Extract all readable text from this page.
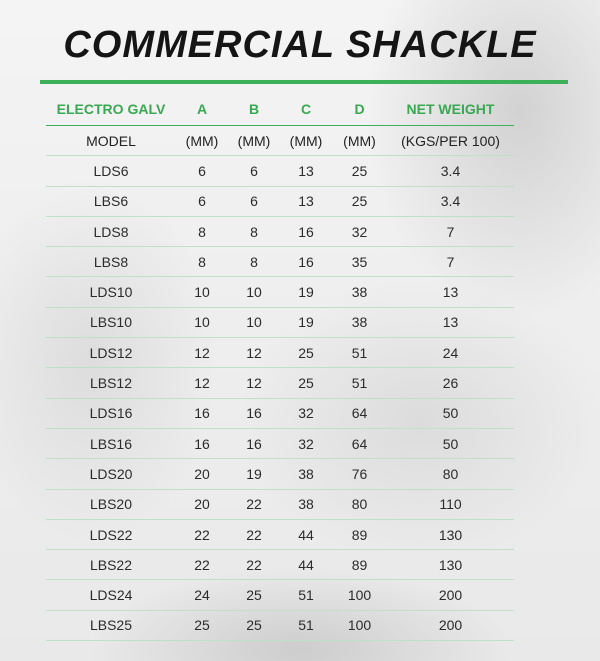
COMMERCIAL SHACKLE
ELECTRO GALV	A	B	C	D	NET WEIGHT
MODEL	(MM)	(MM)	(MM)	(MM)	(KGS/PER 100)
LDS6	6	6	13	25	3.4
LBS6	6	6	13	25	3.4
LDS8	8	8	16	32	7
LBS8	8	8	16	35	7
LDS10	10	10	19	38	13
LBS10	10	10	19	38	13
LDS12	12	12	25	51	24
LBS12	12	12	25	51	26
LDS16	16	16	32	64	50
LBS16	16	16	32	64	50
LDS20	20	19	38	76	80
LBS20	20	22	38	80	110
LDS22	22	22	44	89	130
LBS22	22	22	44	89	130
LDS24	24	25	51	100	200
LBS25	25	25	51	100	200
